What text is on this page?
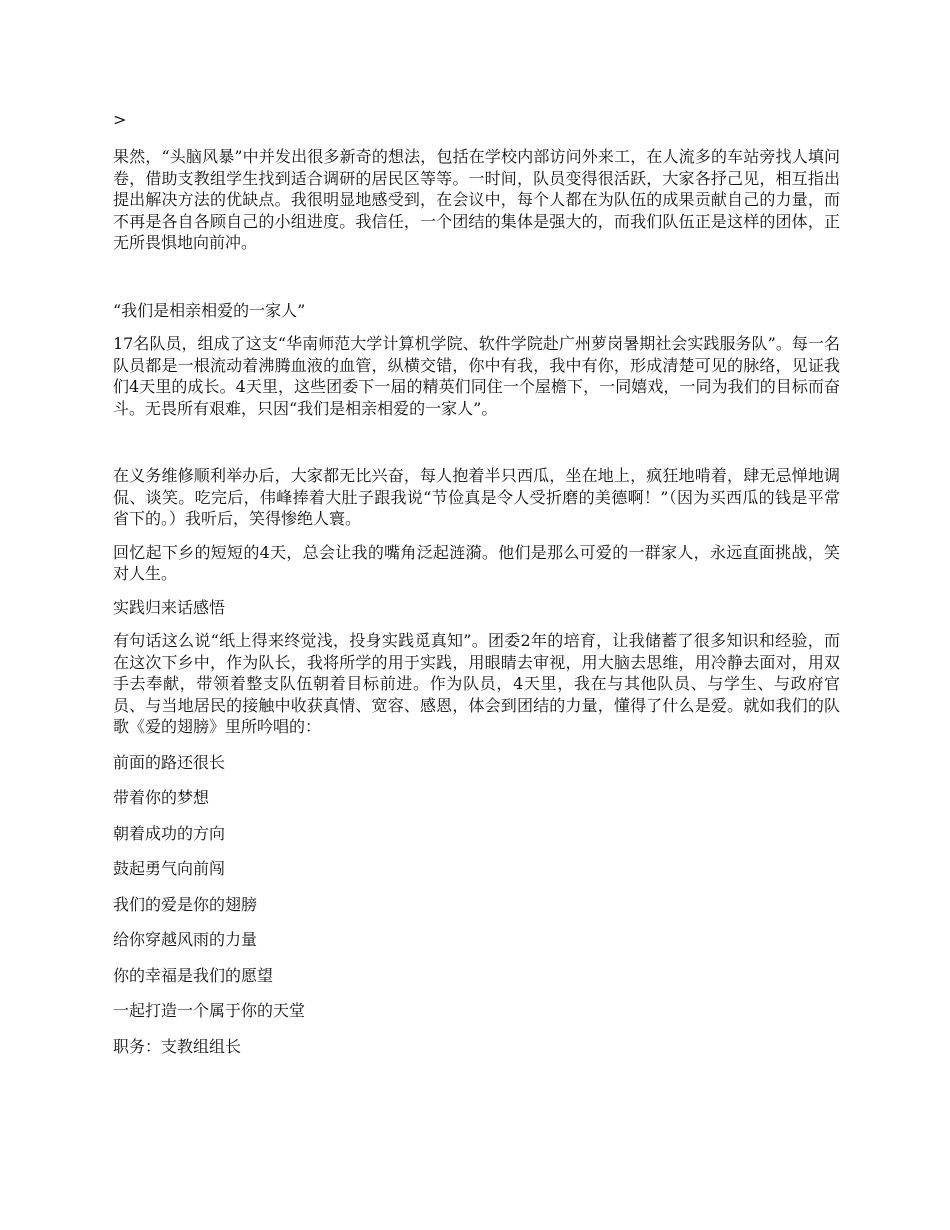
>

果然，“头脑风暴”中并发出很多新奇的想法，包括在学校内部访问外来工，在人流多的车站旁找人填问卷，借助支教组学生找到适合调研的居民区等等。一时间，队员变得很活跃，大家各抒己见，相互指出提出解决方法的优缺点。我很明显地感受到，在会议中，每个人都在为队伍的成果贡献自己的力量，而不再是各自各顾自己的小组进度。我信任，一个团结的集体是强大的，而我们队伍正是这样的团体，正无所畏惧地向前冲。

“我们是相亲相爱的一家人”

17名队员，组成了这支“华南师范大学计算机学院、软件学院赴广州萝岗暑期社会实践服务队”。每一名队员都是一根流动着沸腾血液的血管，纵横交错，你中有我，我中有你，形成清楚可见的脉络，见证我们4天里的成长。4天里，这些团委下一届的精英们同住一个屋檐下，一同嬉戏，一同为我们的目标而奋斗。无畏所有艰难，只因“我们是相亲相爱的一家人”。

在义务维修顺利举办后，大家都无比兴奋，每人抱着半只西瓜，坐在地上，疯狂地啃着，肆无忌惮地调侃、谈笑。吃完后，伟峰捧着大肚子跟我说“节俭真是令人受折磨的美德啊！”（因为买西瓜的钱是平常省下的。）我听后，笑得惨绝人寰。

回忆起下乡的短短的4天，总会让我的嘴角泛起涟漪。他们是那么可爱的一群家人，永远直面挑战，笑对人生。

实践归来话感悟

有句话这么说“纸上得来终觉浅，投身实践觅真知”。团委2年的培育，让我储蓄了很多知识和经验，而在这次下乡中，作为队长，我将所学的用于实践，用眼睛去审视，用大脑去思维，用冷静去面对，用双手去奉献，带领着整支队伍朝着目标前进。作为队员，4天里，我在与其他队员、与学生、与政府官员、与当地居民的接触中收获真情、宽容、感恩，体会到团结的力量，懂得了什么是爱。就如我们的队歌《爱的翅膀》里所吟唱的：

前面的路还很长
带着你的梦想
朝着成功的方向
鼓起勇气向前闯
我们的爱是你的翅膀
给你穿越风雨的力量
你的幸福是我们的愿望
一起打造一个属于你的天堂
职务：支教组组长
